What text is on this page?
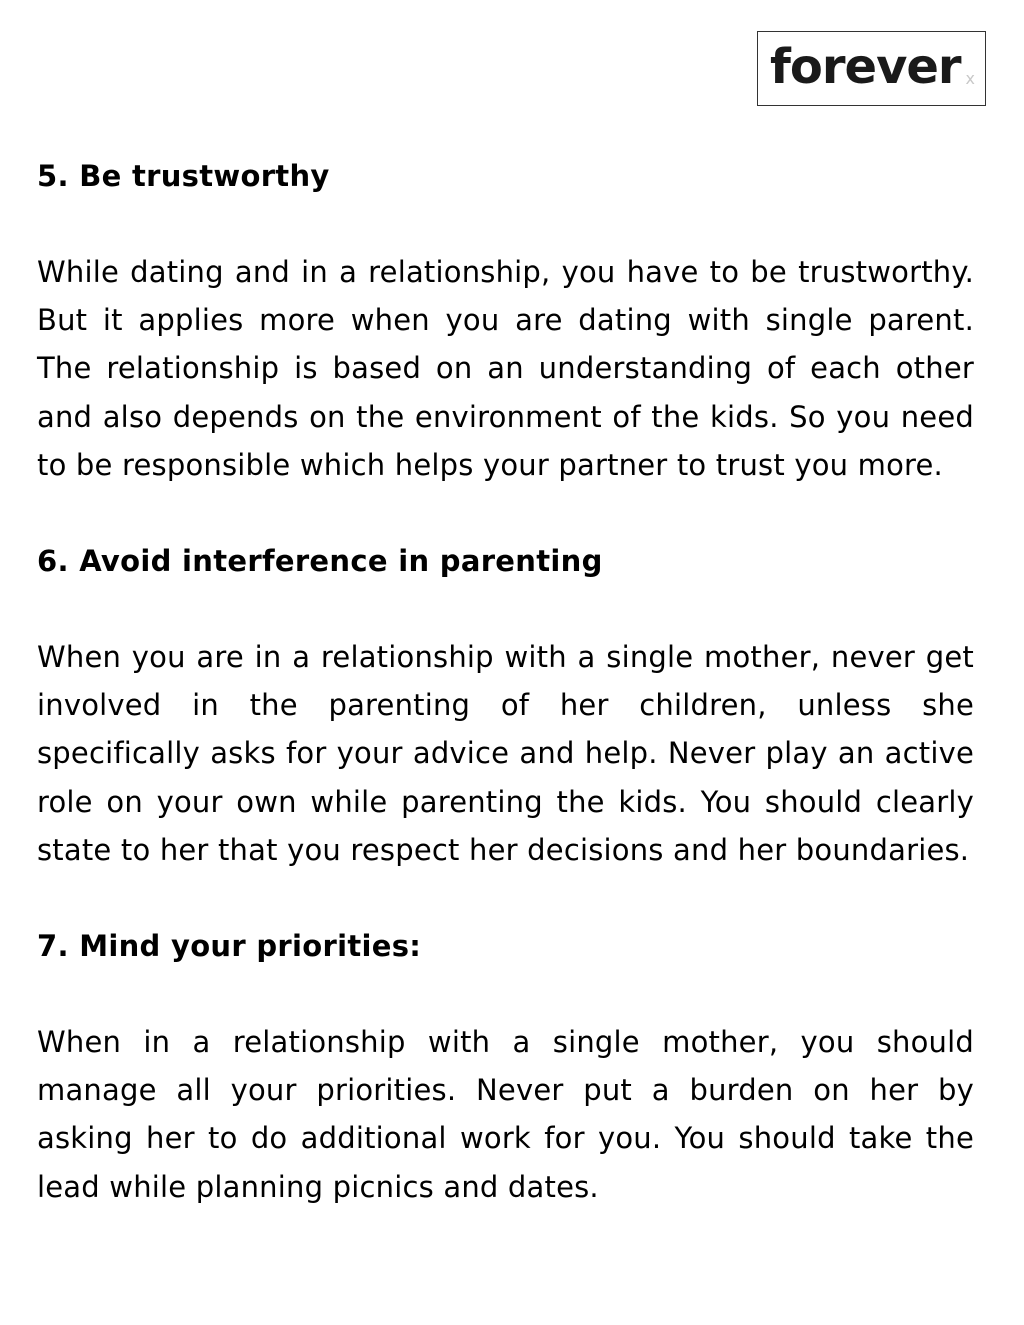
forever x
5. Be trustworthy

While dating and in a relationship, you have to be trustworthy. But it applies more when you are dating with single parent. The relationship is based on an understanding of each other and also depends on the environment of the kids. So you need to be responsible which helps your partner to trust you more.

6. Avoid interference in parenting

When you are in a relationship with a single mother, never get involved in the parenting of her children, unless she specifically asks for your advice and help. Never play an active role on your own while parenting the kids. You should clearly state to her that you respect her decisions and her boundaries.

7. Mind your priorities:

When in a relationship with a single mother, you should manage all your priorities. Never put a burden on her by asking her to do additional work for you. You should take the lead while planning picnics and dates.
